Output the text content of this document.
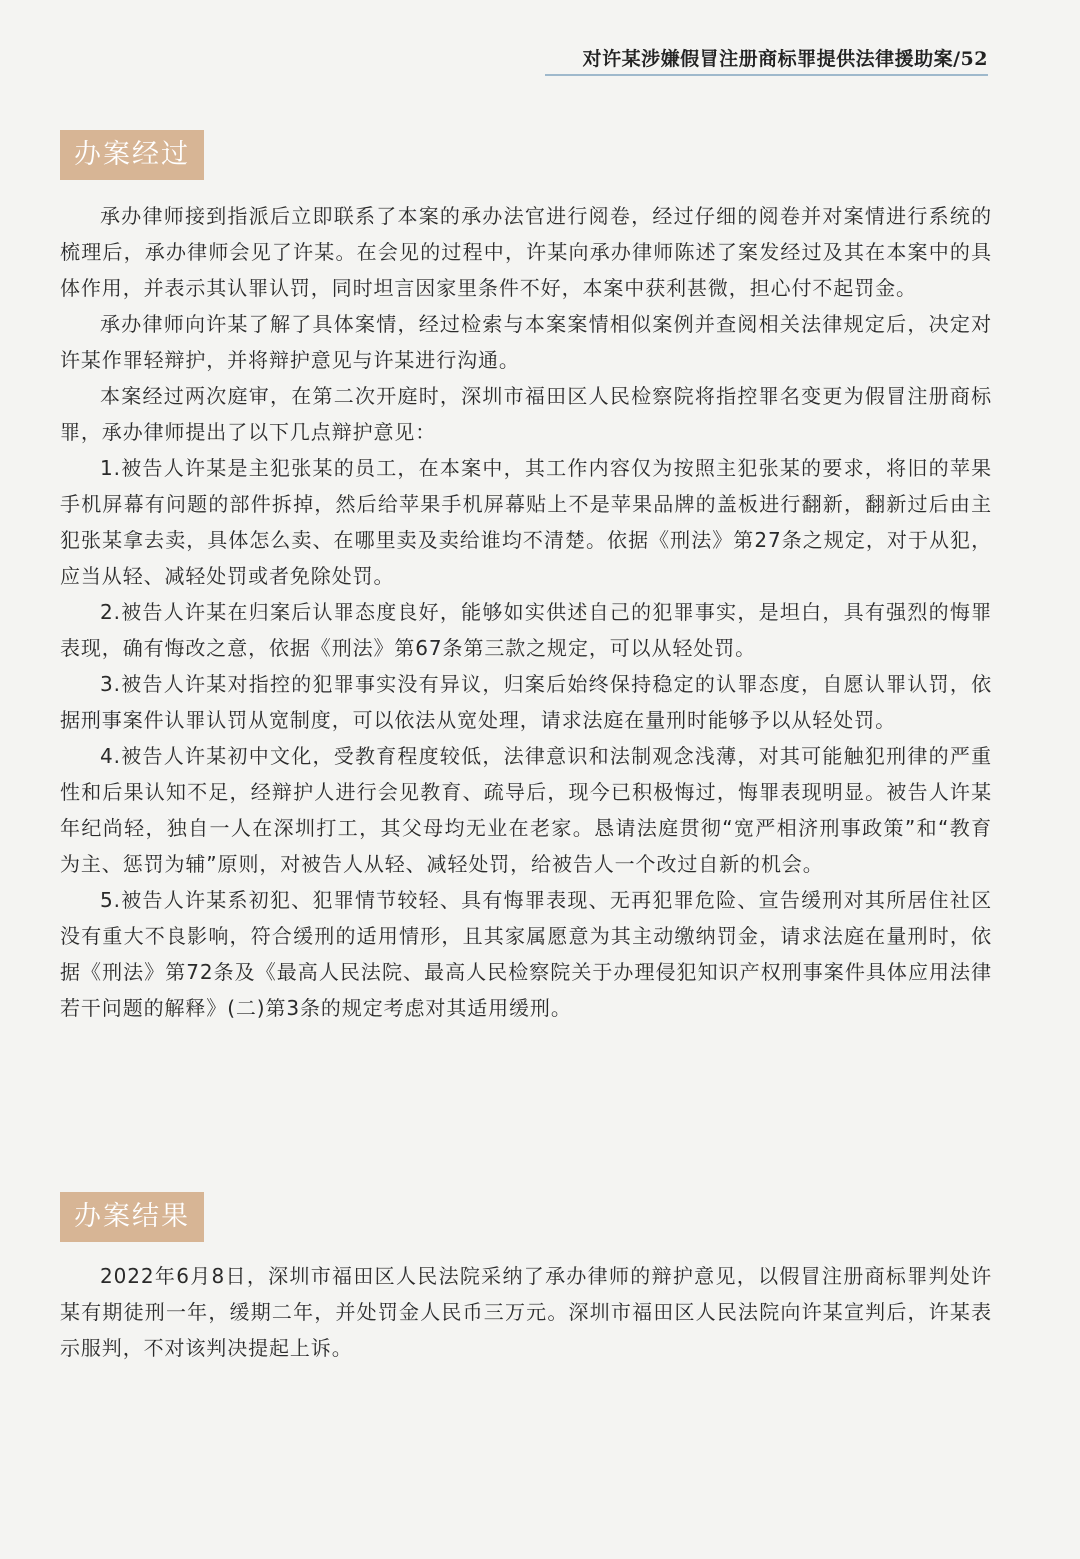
对许某涉嫌假冒注册商标罪提供法律援助案/52
办案经过

承办律师接到指派后立即联系了本案的承办法官进行阅卷，经过仔细的阅卷并对案情进行系统的梳理后，承办律师会见了许某。在会见的过程中，许某向承办律师陈述了案发经过及其在本案中的具体作用，并表示其认罪认罚，同时坦言因家里条件不好，本案中获利甚微，担心付不起罚金。

承办律师向许某了解了具体案情，经过检索与本案案情相似案例并查阅相关法律规定后，决定对许某作罪轻辩护，并将辩护意见与许某进行沟通。

本案经过两次庭审，在第二次开庭时，深圳市福田区人民检察院将指控罪名变更为假冒注册商标罪，承办律师提出了以下几点辩护意见：

1.被告人许某是主犯张某的员工，在本案中，其工作内容仅为按照主犯张某的要求，将旧的苹果手机屏幕有问题的部件拆掉，然后给苹果手机屏幕贴上不是苹果品牌的盖板进行翻新，翻新过后由主犯张某拿去卖，具体怎么卖、在哪里卖及卖给谁均不清楚。依据《刑法》第27条之规定，对于从犯，应当从轻、减轻处罚或者免除处罚。

2.被告人许某在归案后认罪态度良好，能够如实供述自己的犯罪事实，是坦白，具有强烈的悔罪表现，确有悔改之意，依据《刑法》第67条第三款之规定，可以从轻处罚。

3.被告人许某对指控的犯罪事实没有异议，归案后始终保持稳定的认罪态度，自愿认罪认罚，依据刑事案件认罪认罚从宽制度，可以依法从宽处理，请求法庭在量刑时能够予以从轻处罚。

4.被告人许某初中文化，受教育程度较低，法律意识和法制观念浅薄，对其可能触犯刑律的严重性和后果认知不足，经辩护人进行会见教育、疏导后，现今已积极悔过，悔罪表现明显。被告人许某年纪尚轻，独自一人在深圳打工，其父母均无业在老家。恳请法庭贯彻“宽严相济刑事政策”和“教育为主、惩罚为辅”原则，对被告人从轻、减轻处罚，给被告人一个改过自新的机会。

5.被告人许某系初犯、犯罪情节较轻、具有悔罪表现、无再犯罪危险、宣告缓刑对其所居住社区没有重大不良影响，符合缓刑的适用情形，且其家属愿意为其主动缴纳罚金，请求法庭在量刑时，依据《刑法》第72条及《最高人民法院、最高人民检察院关于办理侵犯知识产权刑事案件具体应用法律若干问题的解释》(二)第3条的规定考虑对其适用缓刑。

办案结果

2022年6月8日，深圳市福田区人民法院采纳了承办律师的辩护意见，以假冒注册商标罪判处许某有期徒刑一年，缓期二年，并处罚金人民币三万元。深圳市福田区人民法院向许某宣判后，许某表示服判，不对该判决提起上诉。
